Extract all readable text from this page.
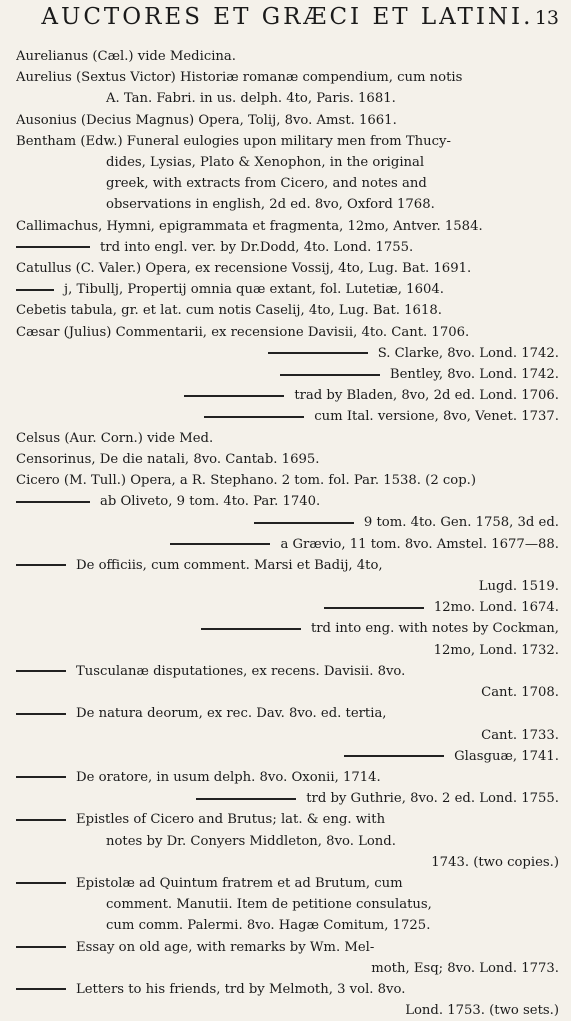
AUCTORES ET GRÆCI ET LATINI. 13
Aurelianus (Cæl.) vide Medicina.
Aurelius (Sextus Victor) Historiæ romanæ compendium, cum notis
A. Tan. Fabri. in us. delph. 4to, Paris. 1681.
Ausonius (Decius Magnus) Opera, Tolij, 8vo. Amst. 1661.
Bentham (Edw.) Funeral eulogies upon military men from Thucy-
dides, Lysias, Plato & Xenophon, in the original
greek, with extracts from Cicero, and notes and
observations in english, 2d ed. 8vo, Oxford 1768.
Callimachus, Hymni, epigrammata et fragmenta, 12mo, Antver. 1584.
trd into engl. ver. by Dr.Dodd, 4to. Lond. 1755.
Catullus (C. Valer.) Opera, ex recensione Vossij, 4to, Lug. Bat. 1691.
j, Tibullj, Propertij omnia quæ extant, fol. Lutetiæ, 1604.
Cebetis tabula, gr. et lat. cum notis Caselij, 4to, Lug. Bat. 1618.
Cæsar (Julius) Commentarii, ex recensione Davisii, 4to. Cant. 1706.
S. Clarke, 8vo. Lond. 1742.
Bentley, 8vo. Lond. 1742.
trad by Bladen, 8vo, 2d ed. Lond. 1706.
cum Ital. versione, 8vo, Venet. 1737.
Celsus (Aur. Corn.) vide Med.
Censorinus, De die natali, 8vo. Cantab. 1695.
Cicero (M. Tull.) Opera, a R. Stephano. 2 tom. fol. Par. 1538. (2 cop.)
ab Oliveto, 9 tom. 4to. Par. 1740.
9 tom. 4to. Gen. 1758, 3d ed.
a Grævio, 11 tom. 8vo. Amstel. 1677—88.
De officiis, cum comment. Marsi et Badij, 4to,
Lugd. 1519.
12mo. Lond. 1674.
trd into eng. with notes by Cockman,
12mo, Lond. 1732.
Tusculanæ disputationes, ex recens. Davisii. 8vo.
Cant. 1708.
De natura deorum, ex rec. Dav. 8vo. ed. tertia,
Cant. 1733.
Glasguæ, 1741.
De oratore, in usum delph. 8vo. Oxonii, 1714.
trd by Guthrie, 8vo. 2 ed. Lond. 1755.
Epistles of Cicero and Brutus; lat. & eng. with
notes by Dr. Conyers Middleton, 8vo. Lond.
1743. (two copies.)
Epistolæ ad Quintum fratrem et ad Brutum, cum
comment. Manutii. Item de petitione consulatus,
cum comm. Palermi. 8vo. Hagæ Comitum, 1725.
Essay on old age, with remarks by Wm. Mel-
moth, Esq; 8vo. Lond. 1773.
Letters to his friends, trd by Melmoth, 3 vol. 8vo.
Lond. 1753. (two sets.)
